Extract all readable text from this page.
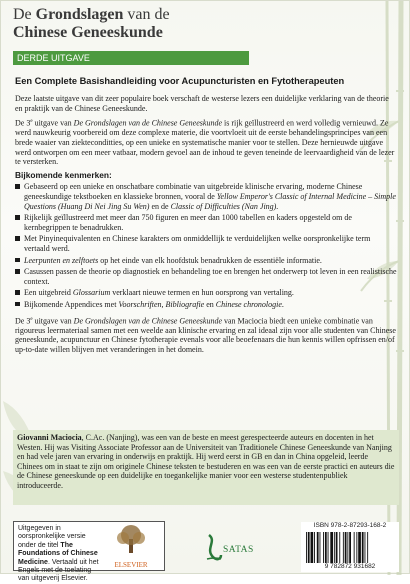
De Grondslagen van de
Chinese Geneeskunde
DERDE UITGAVE
Een Complete Basishandleiding voor Acupuncturisten en Fytotherapeuten

Deze laatste uitgave van dit zeer populaire boek verschaft de westerse lezers een duidelijke verklaring van de theorie en praktijk van de Chinese Geneeskunde.

De 3e uitgave van De Grondslagen van de Chinese Geneeskunde is rijk geïllustreerd en werd volledig vernieuwd. Ze werd nauwkeurig voorbereid om deze complexe materie, die voortvloeit uit de eerste behandelingsprincipes van een brede waaier van ziekteconditties, op een unieke en systematische manier voor te stellen. Deze hernieuwde uitgave werd ontworpen om een meer vatbaar, modern gevoel aan de inhoud te geven teneinde de leervaardigheid van de lezer te versterken.

Bijkomende kenmerken:
Gebaseerd op een unieke en onschatbare combinatie van uitgebreide klinische ervaring, moderne Chinese geneeskundige tekstboeken en klassieke bronnen, vooral de Yellow Emperor's Classic of Internal Medicine – Simple Questions (Huang Di Nei Jing Su Wen) en de Classic of Difficulties (Nan Jing).
Rijkelijk geïllustreerd met meer dan 750 figuren en meer dan 1000 tabellen en kaders opgesteld om de kernbegrippen te benadrukken.
Met Pinyinequivalenten en Chinese karakters om onmiddellijk te verduidelijken welke oorspronkelijke term vertaald werd.
Leerpunten en zelftoets op het einde van elk hoofdstuk benadrukken de essentiële informatie.
Casussen passen de theorie op diagnostiek en behandeling toe en brengen het onderwerp tot leven in een realistische context.
Een uitgebreid Glossarium verklaart nieuwe termen en hun oorsprong van vertaling.
Bijkomende Appendices met Voorschriften, Bibliografie en Chinese chronologie.

De 3e uitgave van De Grondslagen van de Chinese Geneeskunde van Maciocia biedt een unieke combinatie van rigoureus leermateriaal samen met een weelde aan klinische ervaring en zal ideaal zijn voor alle studenten van Chinese geneeskunde, acupunctuur en Chinese fytotherapie evenals voor alle beoefenaars die hun kennis willen opfrissen en/of up-to-date willen blijven met veranderingen in het domein.

Giovanni Maciocia, C.Ac. (Nanjing), was een van de beste en meest gerespecteerde auteurs en docenten in het Westen. Hij was Visiting Associate Professor aan de Universiteit van Traditionele Chinese Geneeskunde van Nanjing en had vele jaren van ervaring in onderwijs en praktijk. Hij werd eerst in GB en dan in China opgeleid, leerde Chinees om in staat te zijn om originele Chinese teksten te bestuderen en was een van de eerste practici en auteurs die de Chinese geneeskunde op een duidelijke en toegankelijke manier voor een westerse studentenpubliek introduceerde.
Uitgegeven in oorspronkelijke versie onder de titel The Foundations of Chinese Medicine. Vertaald uit het Engels met de toelating van uitgeverij Elsevier.
ELSEVIER
SATAS
ISBN 978-2-87293-168-2
9 782872 931682
